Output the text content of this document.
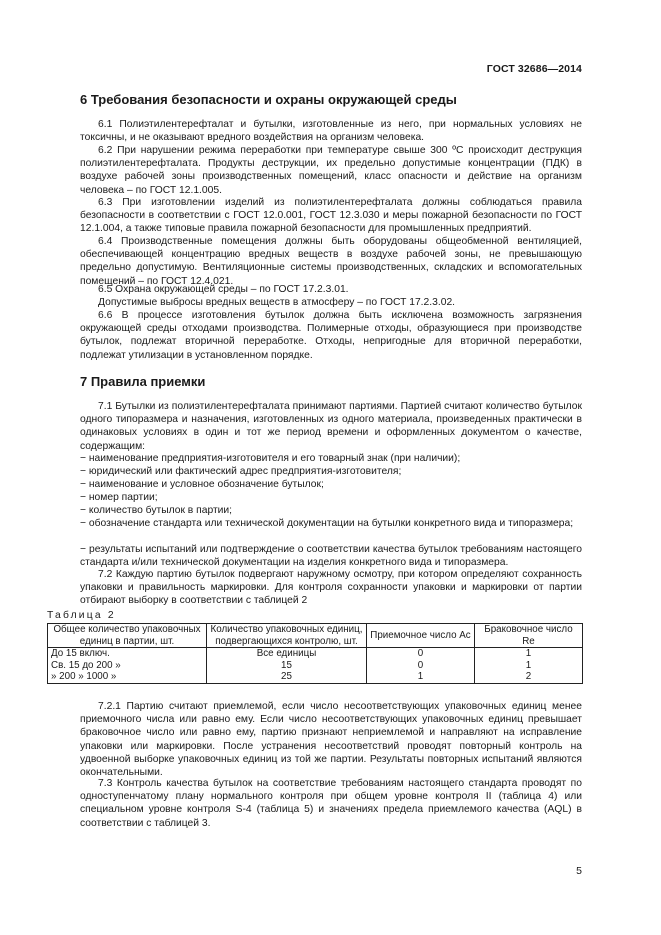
ГОСТ 32686—2014
6 Требования безопасности и охраны окружающей среды

6.1 Полиэтилентерефталат и бутылки, изготовленные из него, при нормальных условиях не токсичны, и не оказывают вредного воздействия на организм человека.

6.2 При нарушении режима переработки при температуре свыше 300 ºС происходит деструкция полиэтилентерефталата. Продукты деструкции, их предельно допустимые концентрации (ПДК) в воздухе рабочей зоны производственных помещений, класс опасности и действие на организм человека – по ГОСТ 12.1.005.

6.3 При изготовлении изделий из полиэтилентерефталата должны соблюдаться правила безопасности в соответствии с ГОСТ 12.0.001, ГОСТ 12.3.030 и меры пожарной безопасности по ГОСТ 12.1.004, а также типовые правила пожарной безопасности для промышленных предприятий.

6.4 Производственные помещения должны быть оборудованы общеобменной вентиляцией, обеспечивающей концентрацию вредных веществ в воздухе рабочей зоны, не превышающую предельно допустимую. Вентиляционные системы производственных, складских и вспомогательных помещений – по ГОСТ 12.4.021.

6.5 Охрана окружающей среды – по ГОСТ 17.2.3.01.

Допустимые выбросы вредных веществ в атмосферу – по ГОСТ 17.2.3.02.

6.6 В процессе изготовления бутылок должна быть исключена возможность загрязнения окружающей среды отходами производства. Полимерные отходы, образующиеся при производстве бутылок, подлежат вторичной переработке. Отходы, непригодные для вторичной переработки, подлежат утилизации в установленном порядке.

7 Правила приемки

7.1 Бутылки из полиэтилентерефталата принимают партиями. Партией считают количество бутылок одного типоразмера и назначения, изготовленных из одного материала, произведенных практически в одинаковых условиях в один и тот же период времени и оформленных документом о качестве, содержащим:

− наименование предприятия-изготовителя и его товарный знак (при наличии);

− юридический или фактический адрес предприятия-изготовителя;

− наименование и условное обозначение бутылок;

− номер партии;

− количество бутылок в партии;

− обозначение стандарта или технической документации на бутылки конкретного вида и типоразмера;

− результаты испытаний или подтверждение о соответствии качества бутылок требованиям настоящего стандарта и/или технической документации на изделия конкретного вида и типоразмера.

7.2 Каждую партию бутылок подвергают наружному осмотру, при котором определяют сохранность упаковки и правильность маркировки. Для контроля сохранности упаковки и маркировки от партии отбирают выборку в соответствии с таблицей 2

Таблица 2
Общее количество упаковочных единиц в партии, шт.	Количество упаковочных единиц, подвергающихся контролю, шт.	Приемочное число Ac	Браковочное число Re
До 15 включ.	Все единицы	0	1
Св. 15 до 200 »	15	0	1
» 200 » 1000 »	25	1	2

7.2.1 Партию считают приемлемой, если число несоответствующих упаковочных единиц менее приемочного числа или равно ему. Если число несоответствующих упаковочных единиц превышает браковочное число или равно ему, партию признают неприемлемой и направляют на исправление упаковки или маркировки. После устранения несоответствий проводят повторный контроль на удвоенной выборке упаковочных единиц из той же партии. Результаты повторных испытаний являются окончательными.

7.3 Контроль качества бутылок на соответствие требованиям настоящего стандарта проводят по одноступенчатому плану нормального контроля при общем уровне контроля II (таблица 4) или специальном уровне контроля S-4 (таблица 5) и значениях предела приемлемого качества (AQL) в соответствии с таблицей 3.

5
